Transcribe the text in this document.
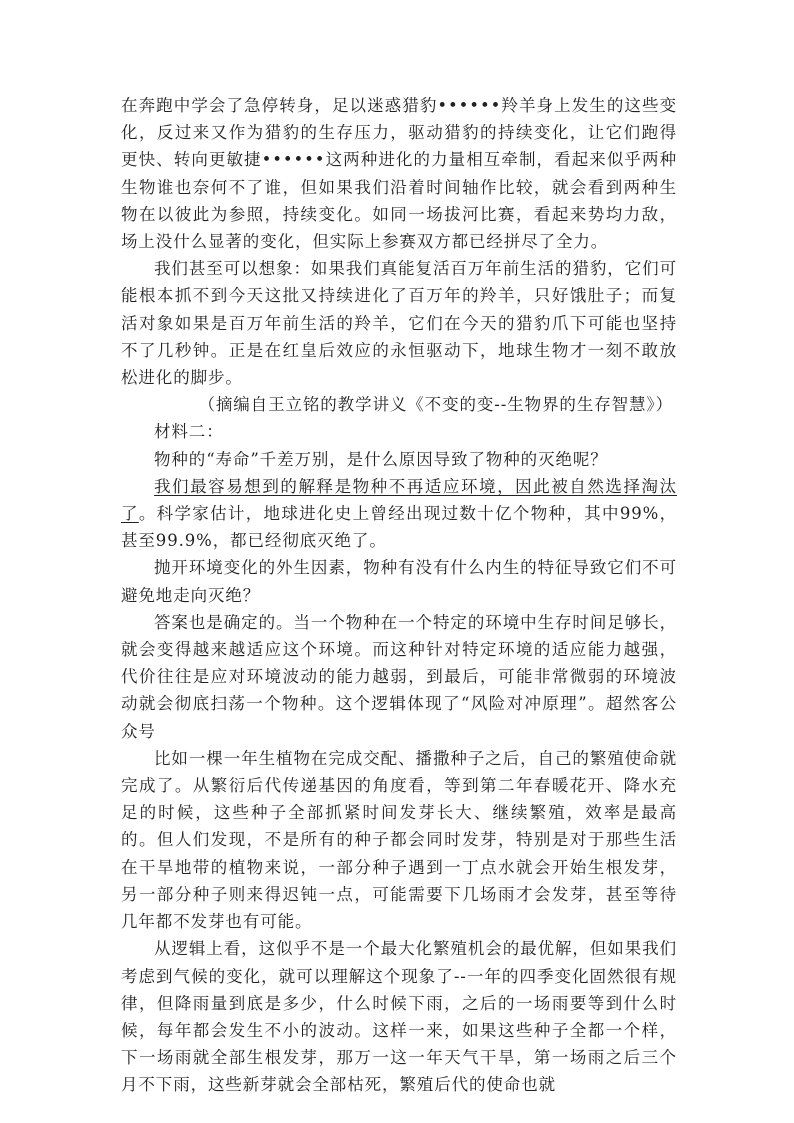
在奔跑中学会了急停转身，足以迷惑猎豹••••••羚羊身上发生的这些变化，反过来又作为猎豹的生存压力，驱动猎豹的持续变化，让它们跑得更快、转向更敏捷••••••这两种进化的力量相互牵制，看起来似乎两种生物谁也奈何不了谁，但如果我们沿着时间轴作比较，就会看到两种生物在以彼此为参照，持续变化。如同一场拔河比赛，看起来势均力敌，场上没什么显著的变化，但实际上参赛双方都已经拼尽了全力。

我们甚至可以想象：如果我们真能复活百万年前生活的猎豹，它们可能根本抓不到今天这批又持续进化了百万年的羚羊，只好饿肚子；而复活对象如果是百万年前生活的羚羊，它们在今天的猎豹爪下可能也坚持不了几秒钟。正是在红皇后效应的永恒驱动下，地球生物才一刻不敢放松进化的脚步。

（摘编自王立铭的教学讲义《不变的变--生物界的生存智慧》）

材料二：

物种的“寿命”千差万别，是什么原因导致了物种的灭绝呢？

我们最容易想到的解释是物种不再适应环境，因此被自然选择淘汰了。科学家估计，地球进化史上曾经出现过数十亿个物种，其中99%，甚至99.9%，都已经彻底灭绝了。

抛开环境变化的外生因素，物种有没有什么内生的特征导致它们不可避免地走向灭绝？

答案也是确定的。当一个物种在一个特定的环境中生存时间足够长，就会变得越来越适应这个环境。而这种针对特定环境的适应能力越强，代价往往是应对环境波动的能力越弱，到最后，可能非常微弱的环境波动就会彻底扫荡一个物种。这个逻辑体现了“风险对冲原理”。超然客公众号

比如一棵一年生植物在完成交配、播撒种子之后，自己的繁殖使命就完成了。从繁衍后代传递基因的角度看，等到第二年春暖花开、降水充足的时候，这些种子全部抓紧时间发芽长大、继续繁殖，效率是最高的。但人们发现，不是所有的种子都会同时发芽，特别是对于那些生活在干旱地带的植物来说，一部分种子遇到一丁点水就会开始生根发芽，另一部分种子则来得迟钝一点，可能需要下几场雨才会发芽，甚至等待几年都不发芽也有可能。

从逻辑上看，这似乎不是一个最大化繁殖机会的最优解，但如果我们考虑到气候的变化，就可以理解这个现象了--一年的四季变化固然很有规律，但降雨量到底是多少，什么时候下雨，之后的一场雨要等到什么时候，每年都会发生不小的波动。这样一来，如果这些种子全都一个样，下一场雨就全部生根发芽，那万一这一年天气干旱，第一场雨之后三个月不下雨，这些新芽就会全部枯死，繁殖后代的使命也就
